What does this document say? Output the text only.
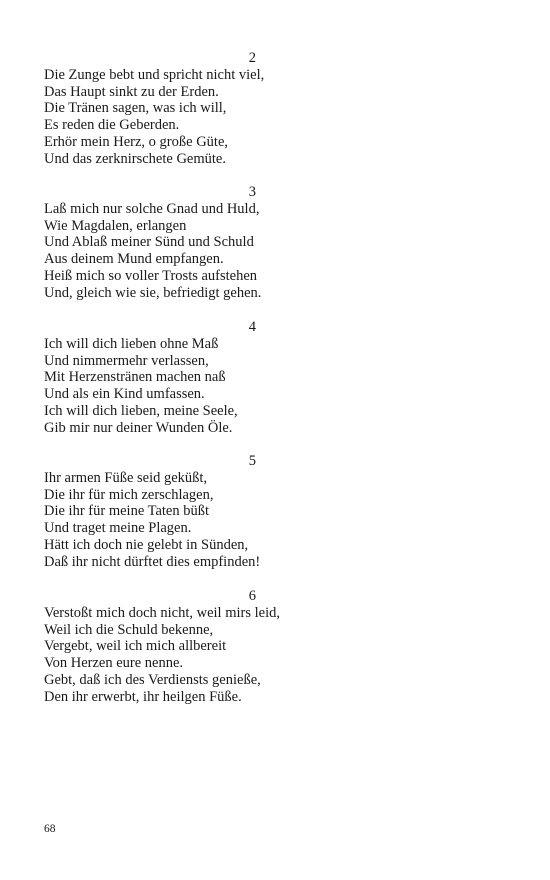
2
Die Zunge bebt und spricht nicht viel,
Das Haupt sinkt zu der Erden.
Die Tränen sagen, was ich will,
Es reden die Geberden.
Erhör mein Herz, o große Güte,
Und das zerknirschete Gemüte.
3
Laß mich nur solche Gnad und Huld,
Wie Magdalen, erlangen
Und Ablaß meiner Sünd und Schuld
Aus deinem Mund empfangen.
Heiß mich so voller Trosts aufstehen
Und, gleich wie sie, befriedigt gehen.
4
Ich will dich lieben ohne Maß
Und nimmermehr verlassen,
Mit Herzenstränen machen naß
Und als ein Kind umfassen.
Ich will dich lieben, meine Seele,
Gib mir nur deiner Wunden Öle.
5
Ihr armen Füße seid geküßt,
Die ihr für mich zerschlagen,
Die ihr für meine Taten büßt
Und traget meine Plagen.
Hätt ich doch nie gelebt in Sünden,
Daß ihr nicht dürftet dies empfinden!
6
Verstoßt mich doch nicht, weil mirs leid,
Weil ich die Schuld bekenne,
Vergebt, weil ich mich allbereit
Von Herzen eure nenne.
Gebt, daß ich des Verdiensts genieße,
Den ihr erwerbt, ihr heilgen Füße.
68
